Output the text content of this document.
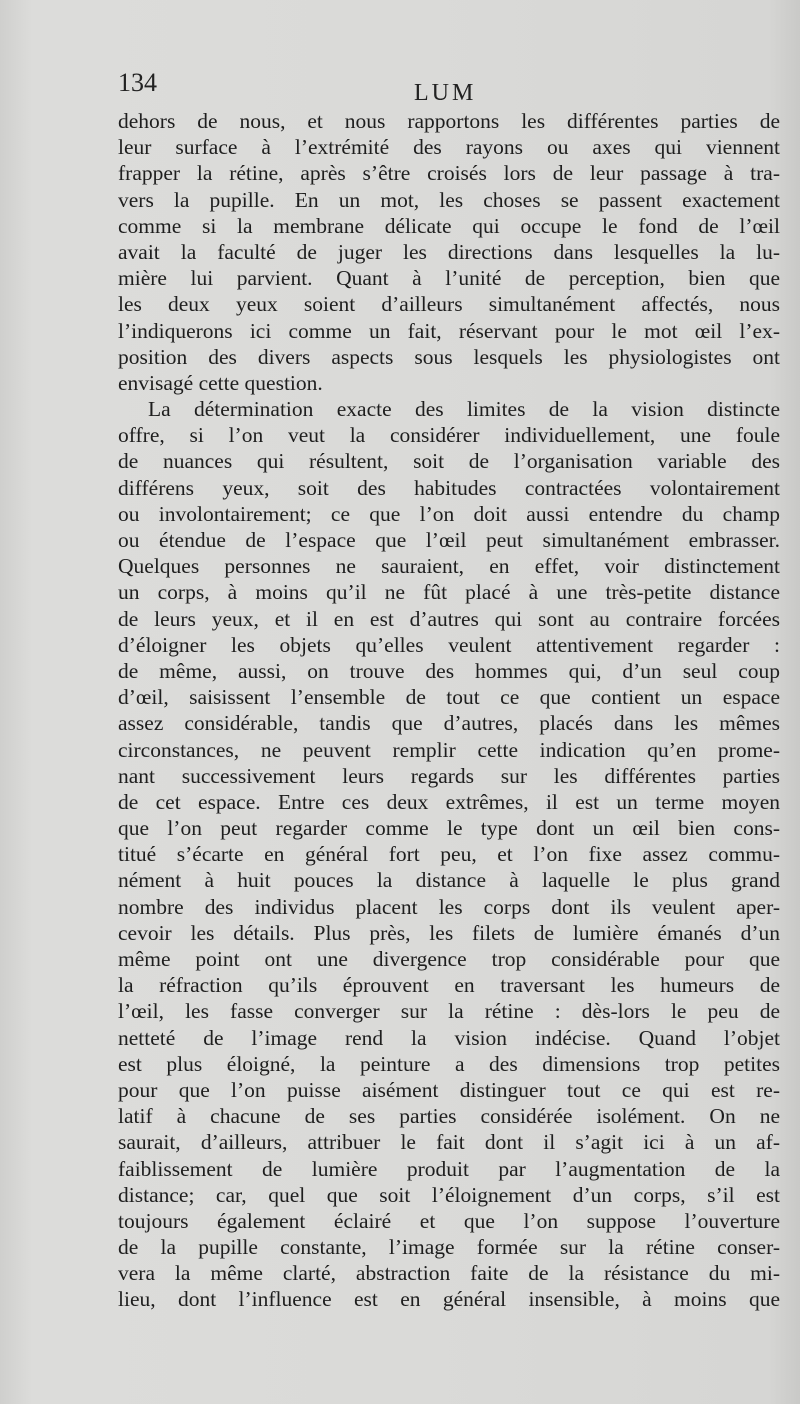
134	LUM
dehors de nous, et nous rapportons les différentes parties de
leur surface à l’extrémité des rayons ou axes qui viennent
frapper la rétine, après s’être croisés lors de leur passage à tra-
vers la pupille. En un mot, les choses se passent exactement
comme si la membrane délicate qui occupe le fond de l’œil
avait la faculté de juger les directions dans lesquelles la lu-
mière lui parvient. Quant à l’unité de perception, bien que
les deux yeux soient d’ailleurs simultanément affectés, nous
l’indiquerons ici comme un fait, réservant pour le mot œil l’ex-
position des divers aspects sous lesquels les physiologistes ont
envisagé cette question.
La détermination exacte des limites de la vision distincte
offre, si l’on veut la considérer individuellement, une foule
de nuances qui résultent, soit de l’organisation variable des
différens yeux, soit des habitudes contractées volontairement
ou involontairement; ce que l’on doit aussi entendre du champ
ou étendue de l’espace que l’œil peut simultanément embrasser.
Quelques personnes ne sauraient, en effet, voir distinctement
un corps, à moins qu’il ne fût placé à une très-petite distance
de leurs yeux, et il en est d’autres qui sont au contraire forcées
d’éloigner les objets qu’elles veulent attentivement regarder :
de même, aussi, on trouve des hommes qui, d’un seul coup
d’œil, saisissent l’ensemble de tout ce que contient un espace
assez considérable, tandis que d’autres, placés dans les mêmes
circonstances, ne peuvent remplir cette indication qu’en prome-
nant successivement leurs regards sur les différentes parties
de cet espace. Entre ces deux extrêmes, il est un terme moyen
que l’on peut regarder comme le type dont un œil bien cons-
titué s’écarte en général fort peu, et l’on fixe assez commu-
nément à huit pouces la distance à laquelle le plus grand
nombre des individus placent les corps dont ils veulent aper-
cevoir les détails. Plus près, les filets de lumière émanés d’un
même point ont une divergence trop considérable pour que
la réfraction qu’ils éprouvent en traversant les humeurs de
l’œil, les fasse converger sur la rétine : dès-lors le peu de
netteté de l’image rend la vision indécise. Quand l’objet
est plus éloigné, la peinture a des dimensions trop petites
pour que l’on puisse aisément distinguer tout ce qui est re-
latif à chacune de ses parties considérée isolément. On ne
saurait, d’ailleurs, attribuer le fait dont il s’agit ici à un af-
faiblissement de lumière produit par l’augmentation de la
distance; car, quel que soit l’éloignement d’un corps, s’il est
toujours également éclairé et que l’on suppose l’ouverture
de la pupille constante, l’image formée sur la rétine conser-
vera la même clarté, abstraction faite de la résistance du mi-
lieu, dont l’influence est en général insensible, à moins que
